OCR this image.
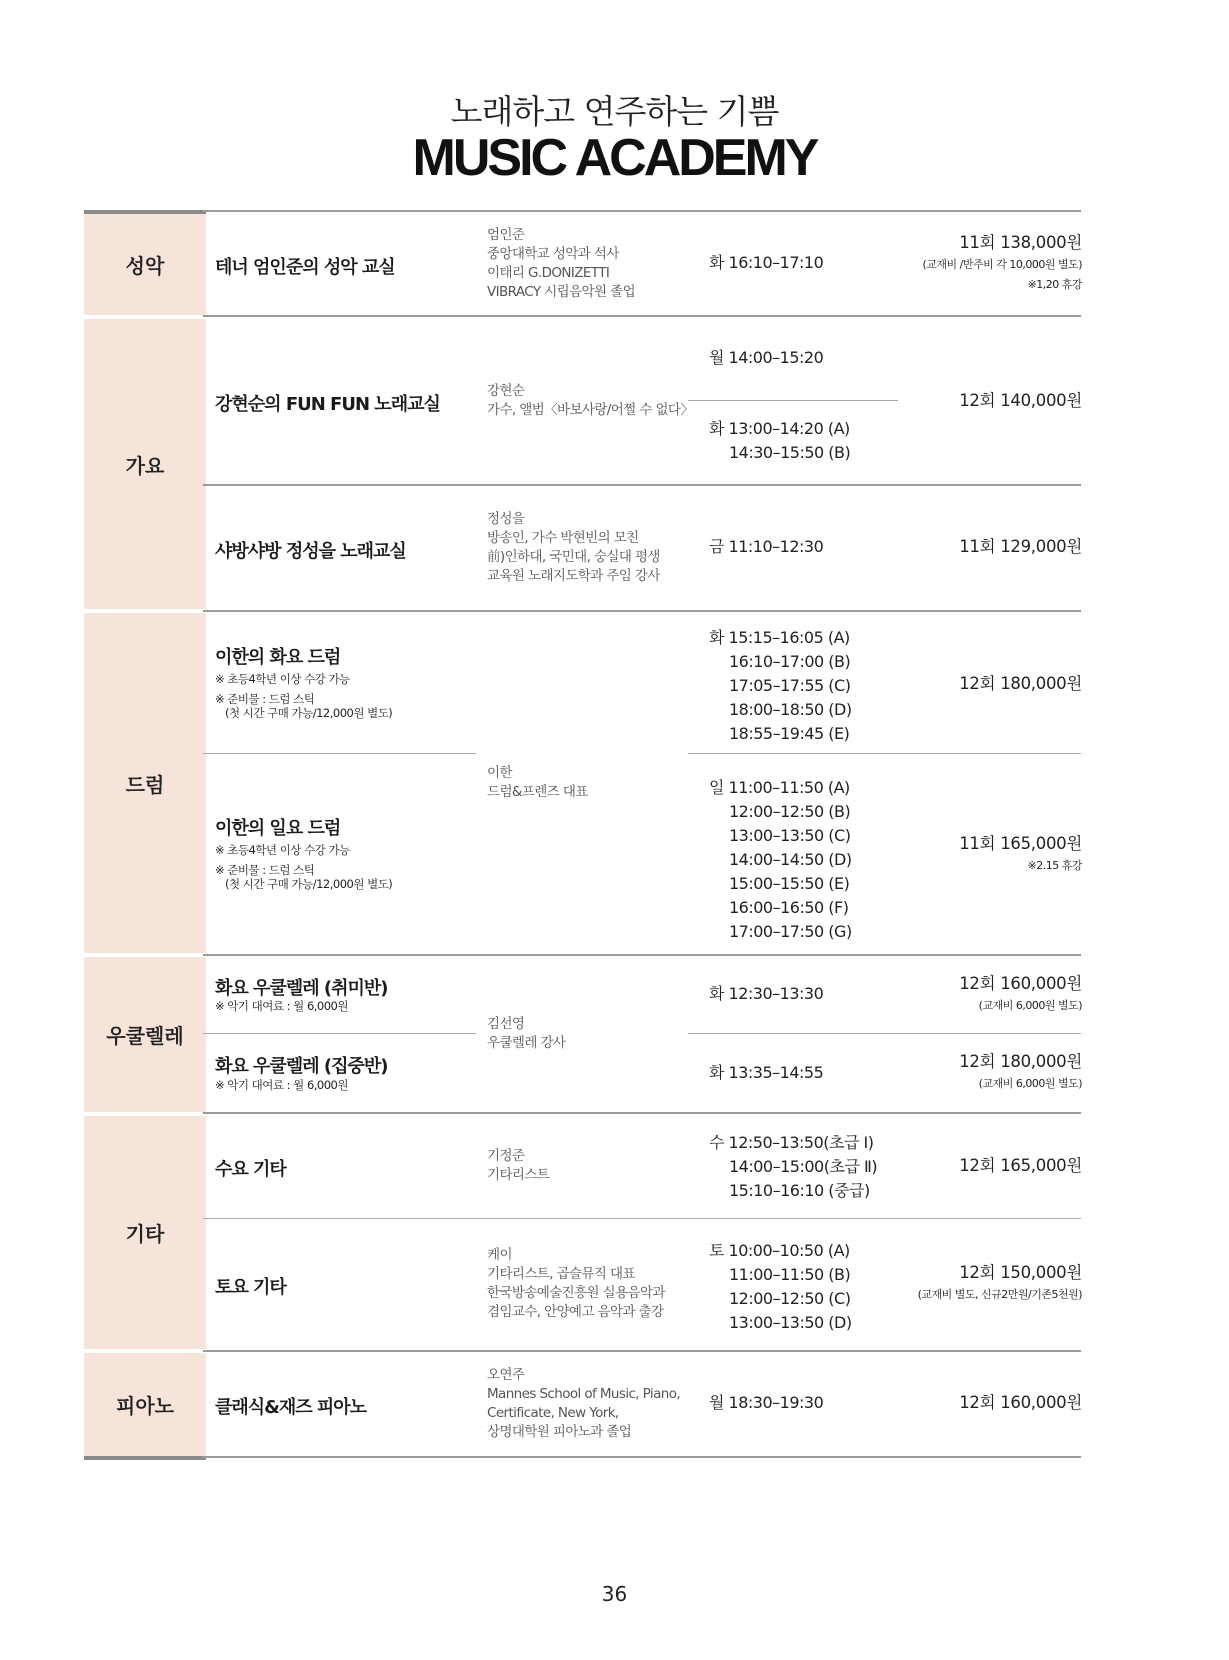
노래하고 연주하는 기쁨
MUSIC ACADEMY
성악
가요
드럼
우쿨렐레
기타
피아노
테너 엄인준의 성악 교실
엄인준
중앙대학교 성악과 석사
이태리 G.DONIZETTI
VIBRACY 시립음악원 졸업
화 16:10–17:10
11회 138,000원
(교재비 /반주비 각 10,000원 별도)
※1,20 휴강
강현순의 FUN FUN 노래교실
강현순
가수, 앨범〈바보사랑/어쩔 수 없다〉
월 14:00–15:20
화 13:00–14:20 (A)
14:30–15:50 (B)
12회 140,000원
샤방샤방 정성을 노래교실
정성을
방송인, 가수 박현빈의 모친
前)인하대, 국민대, 숭실대 평생
교육원 노래지도학과 주임 강사
금 11:10–12:30	11회 129,000원
이한의 화요 드럼
※ 초등4학년 이상 수강 가능
※ 준비물 : 드럼 스틱
(첫 시간 구매 가능/12,000원 별도)
화 15:15–16:05 (A)
16:10–17:00 (B)
17:05–17:55 (C)
18:00–18:50 (D)
18:55–19:45 (E)
12회 180,000원
이한
드럼&프렌즈 대표
이한의 일요 드럼
※ 초등4학년 이상 수강 가능
※ 준비물 : 드럼 스틱
(첫 시간 구매 가능/12,000원 별도)
일 11:00–11:50 (A)
12:00–12:50 (B)
13:00–13:50 (C)
14:00–14:50 (D)
15:00–15:50 (E)
16:00–16:50 (F)
17:00–17:50 (G)
11회 165,000원
※2.15 휴강
화요 우쿨렐레 (취미반)
※ 악기 대여료 : 월 6,000원
화 12:30–13:30
12회 160,000원
(교재비 6,000원 별도)
김선영
우쿨렐레 강사
화요 우쿨렐레 (집중반)
※ 악기 대여료 : 월 6,000원
화 13:35–14:55
12회 180,000원
(교재비 6,000원 별도)
수요 기타
기정준
기타리스트
수 12:50–13:50(초급 Ⅰ)
14:00–15:00(초급 Ⅱ)
15:10–16:10 (중급)
12회 165,000원
토요 기타
케이
기타리스트, 곱슬뮤직 대표
한국방송예술진흥원 실용음악과
겸임교수, 안양예고 음악과 출강
토 10:00–10:50 (A)
11:00–11:50 (B)
12:00–12:50 (C)
13:00–13:50 (D)
12회 150,000원
(교재비 별도, 신규2만원/기존5천원)
클래식&재즈 피아노
오연주
Mannes School of Music, Piano,
Certificate, New York,
상명대학원 피아노과 졸업
월 18:30–19:30	12회 160,000원
36
